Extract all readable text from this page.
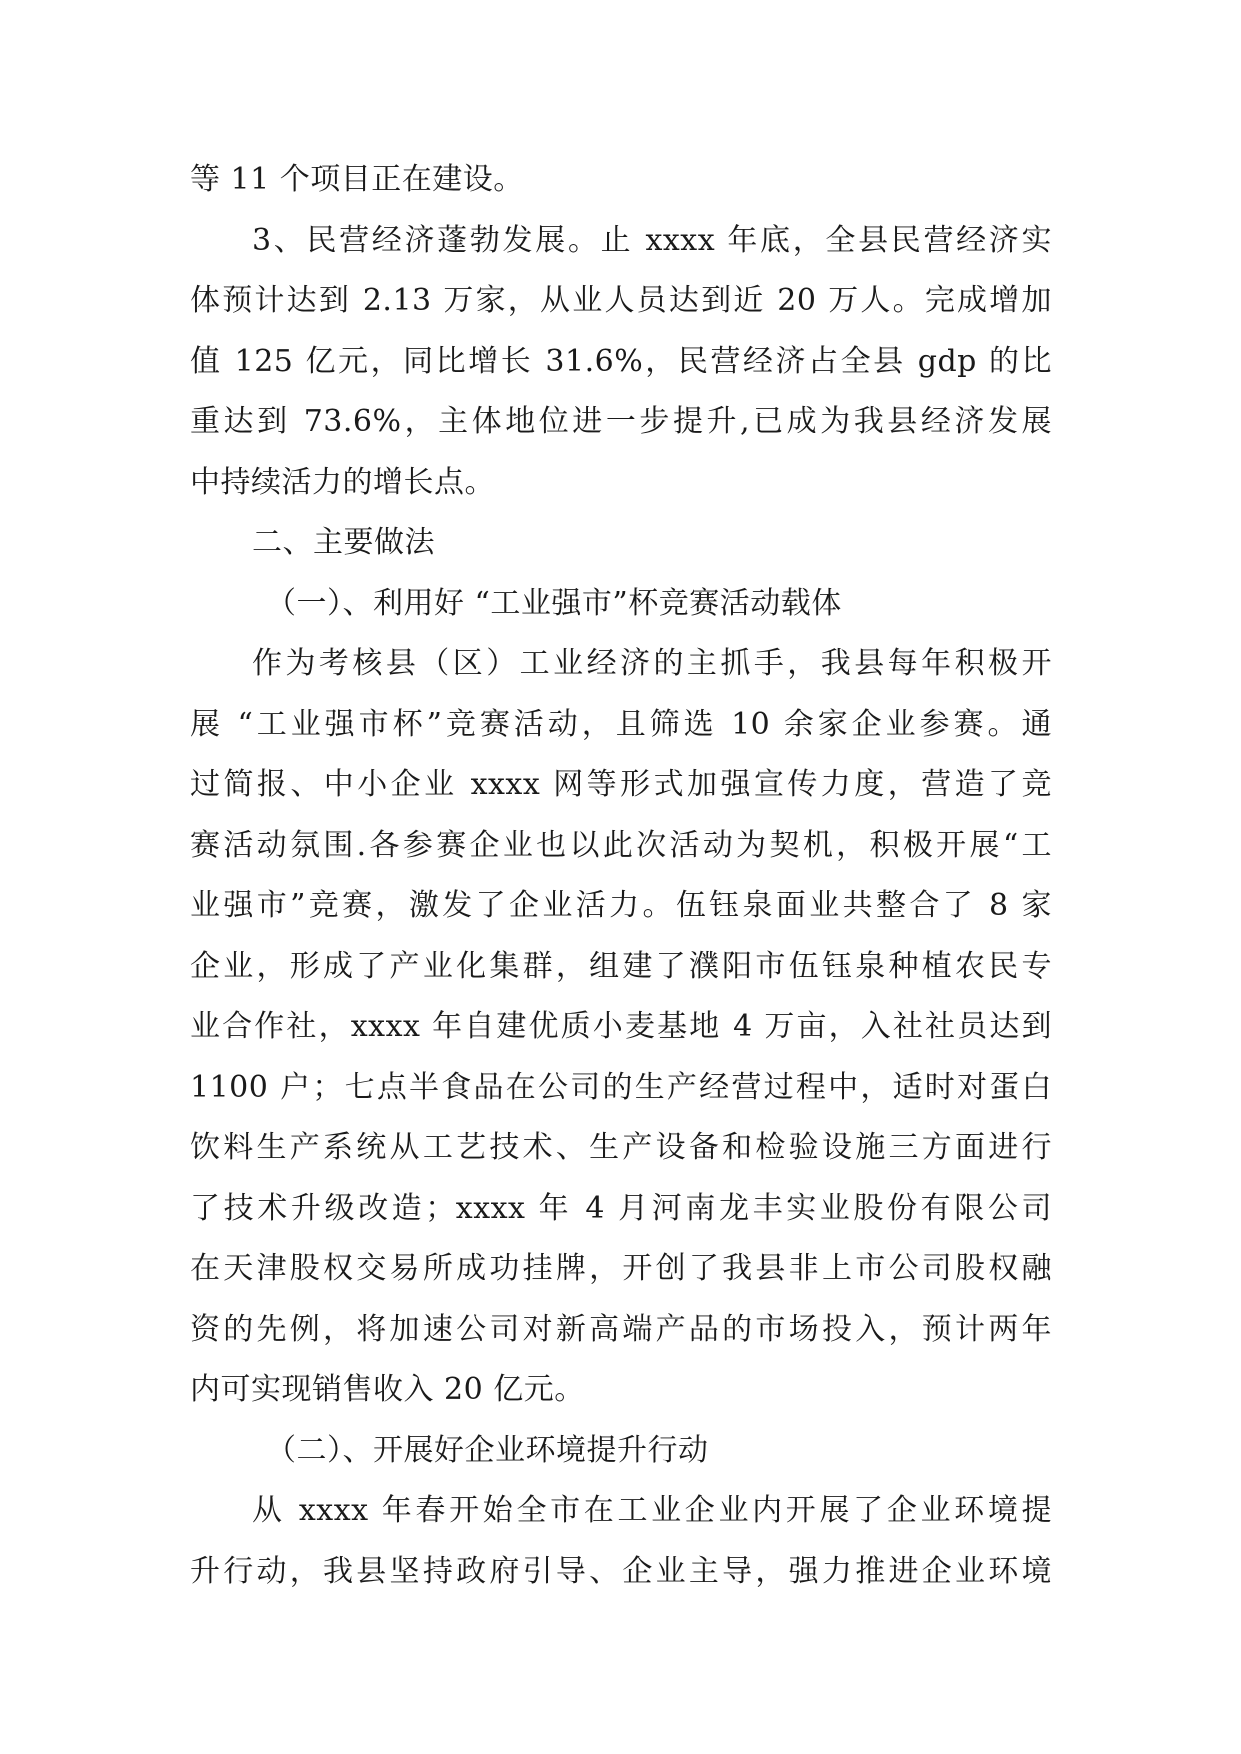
等 11 个项目正在建设。
3、民营经济蓬勃发展。止 xxxx 年底，全县民营经济实
体预计达到 2.13 万家，从业人员达到近 20 万人。完成增加
值 125 亿元，同比增长 31.6%，民营经济占全县 gdp 的比
重达到 73.6%，主体地位进一步提升,已成为我县经济发展
中持续活力的增长点。
二、主要做法
（一）、利用好 “工业强市”杯竞赛活动载体
作为考核县（区）工业经济的主抓手，我县每年积极开
展 “工业强市杯”竞赛活动，且筛选 10 余家企业参赛。通
过简报、中小企业 xxxx 网等形式加强宣传力度，营造了竞
赛活动氛围.各参赛企业也以此次活动为契机，积极开展“工
业强市”竞赛，激发了企业活力。伍钰泉面业共整合了 8 家
企业，形成了产业化集群，组建了濮阳市伍钰泉种植农民专
业合作社，xxxx 年自建优质小麦基地 4 万亩，入社社员达到
1100 户；七点半食品在公司的生产经营过程中，适时对蛋白
饮料生产系统从工艺技术、生产设备和检验设施三方面进行
了技术升级改造；xxxx 年 4 月河南龙丰实业股份有限公司
在天津股权交易所成功挂牌，开创了我县非上市公司股权融
资的先例，将加速公司对新高端产品的市场投入，预计两年
内可实现销售收入 20 亿元。
（二）、开展好企业环境提升行动
从 xxxx 年春开始全市在工业企业内开展了企业环境提
升行动，我县坚持政府引导、企业主导，强力推进企业环境
